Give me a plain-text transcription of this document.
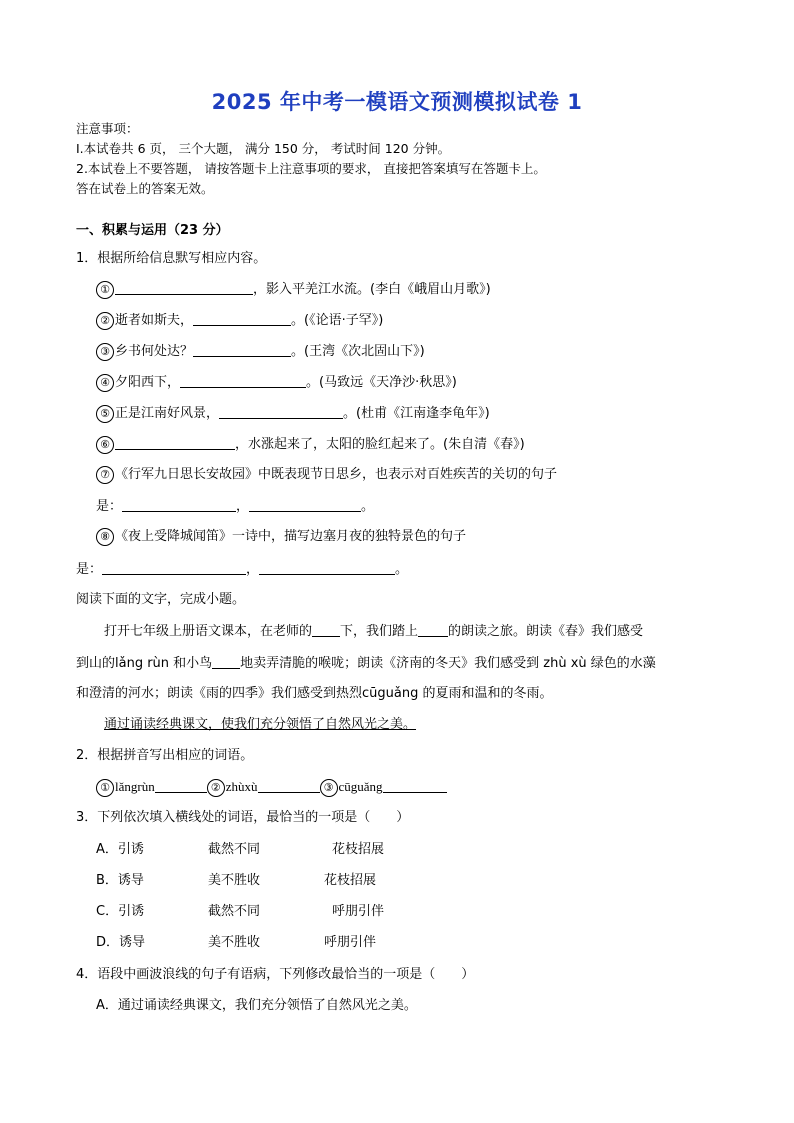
2025 年中考一模语文预测模拟试卷 1
注意事项：
Ⅰ.本试卷共 6 页， 三个大题， 满分 150 分， 考试时间 120 分钟。
2.本试卷上不要答题， 请按答题卡上注意事项的要求， 直接把答案填写在答题卡上。
答在试卷上的答案无效。
一、积累与运用（23 分）
1．根据所给信息默写相应内容。
①	，影入平羌江水流。(李白《峨眉山月歌》)
② 逝者如斯夫，	。(《论语·子罕》)
③ 乡书何处达？	。(王湾《次北固山下》)
④ 夕阳西下，	。(马致远《天净沙·秋思》)
⑤ 正是江南好风景，	。(杜甫《江南逢李龟年》)
⑥	，水涨起来了，太阳的脸红起来了。(朱自清《春》)
⑦ 《行军九日思长安故园》中既表现节日思乡，也表示对百姓疾苦的关切的句子
是：	，	。
⑧ 《夜上受降城闻笛》一诗中，描写边塞月夜的独特景色的句子
是：	，	。
阅读下面的文字，完成小题。
打开七年级上册语文课本，在老师的 下，我们踏上 的朗读之旅。朗读《春》我们感受
到山的lǎng rùn 和小鸟 地卖弄清脆的喉咙；朗读《济南的冬天》我们感受到 zhù xù 绿色的水藻
和澄清的河水；朗读《雨的四季》我们感受到热烈cūguǎng 的夏雨和温和的冬雨。
通过诵读经典课文，使我们充分领悟了自然风光之美。
2．根据拼音写出相应的词语。
① lǎngrùn	② zhùxù	③ cūguǎng
3．下列依次填入横线处的词语，最恰当的一项是（　　）
A．引诱	截然不同	花枝招展
B．诱导	美不胜收	花枝招展
C．引诱	截然不同	呼朋引伴
D．诱导	美不胜收	呼朋引伴
4．语段中画波浪线的句子有语病，下列修改最恰当的一项是（　　）
A．通过诵读经典课文，我们充分领悟了自然风光之美。
